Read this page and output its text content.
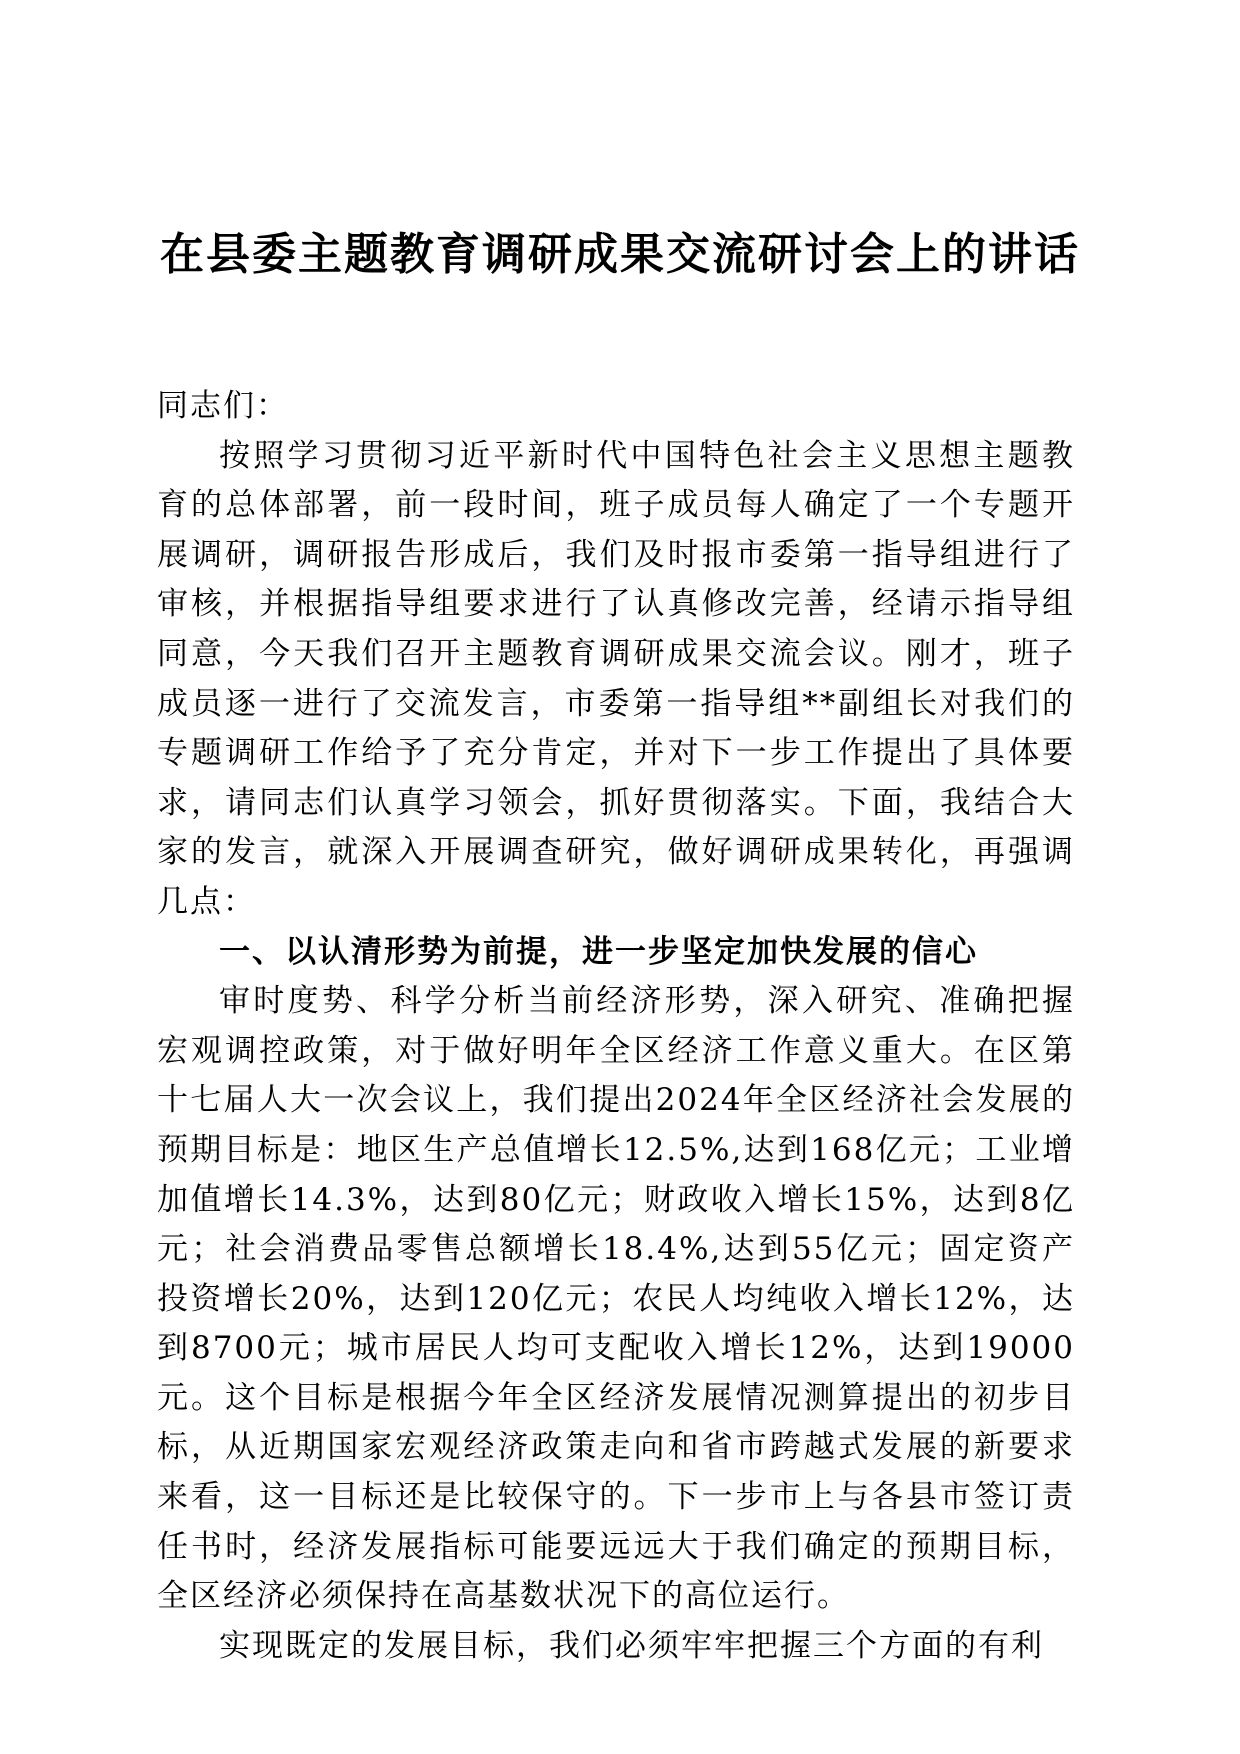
在县委主题教育调研成果交流研讨会上的讲话

同志们：

按照学习贯彻习近平新时代中国特色社会主义思想主题教育的总体部署，前一段时间，班子成员每人确定了一个专题开展调研，调研报告形成后，我们及时报市委第一指导组进行了审核，并根据指导组要求进行了认真修改完善，经请示指导组同意，今天我们召开主题教育调研成果交流会议。刚才，班子成员逐一进行了交流发言，市委第一指导组**副组长对我们的专题调研工作给予了充分肯定，并对下一步工作提出了具体要求，请同志们认真学习领会，抓好贯彻落实。下面，我结合大家的发言，就深入开展调查研究，做好调研成果转化，再强调几点：

一、以认清形势为前提，进一步坚定加快发展的信心

审时度势、科学分析当前经济形势，深入研究、准确把握宏观调控政策，对于做好明年全区经济工作意义重大。在区第十七届人大一次会议上，我们提出2024年全区经济社会发展的预期目标是：地区生产总值增长12.5%,达到168亿元；工业增加值增长14.3%，达到80亿元；财政收入增长15%，达到8亿元；社会消费品零售总额增长18.4%,达到55亿元；固定资产投资增长20%，达到120亿元；农民人均纯收入增长12%，达到8700元；城市居民人均可支配收入增长12%，达到19000元。这个目标是根据今年全区经济发展情况测算提出的初步目标，从近期国家宏观经济政策走向和省市跨越式发展的新要求来看，这一目标还是比较保守的。下一步市上与各县市签订责任书时，经济发展指标可能要远远大于我们确定的预期目标，全区经济必须保持在高基数状况下的高位运行。

实现既定的发展目标，我们必须牢牢把握三个方面的有利
